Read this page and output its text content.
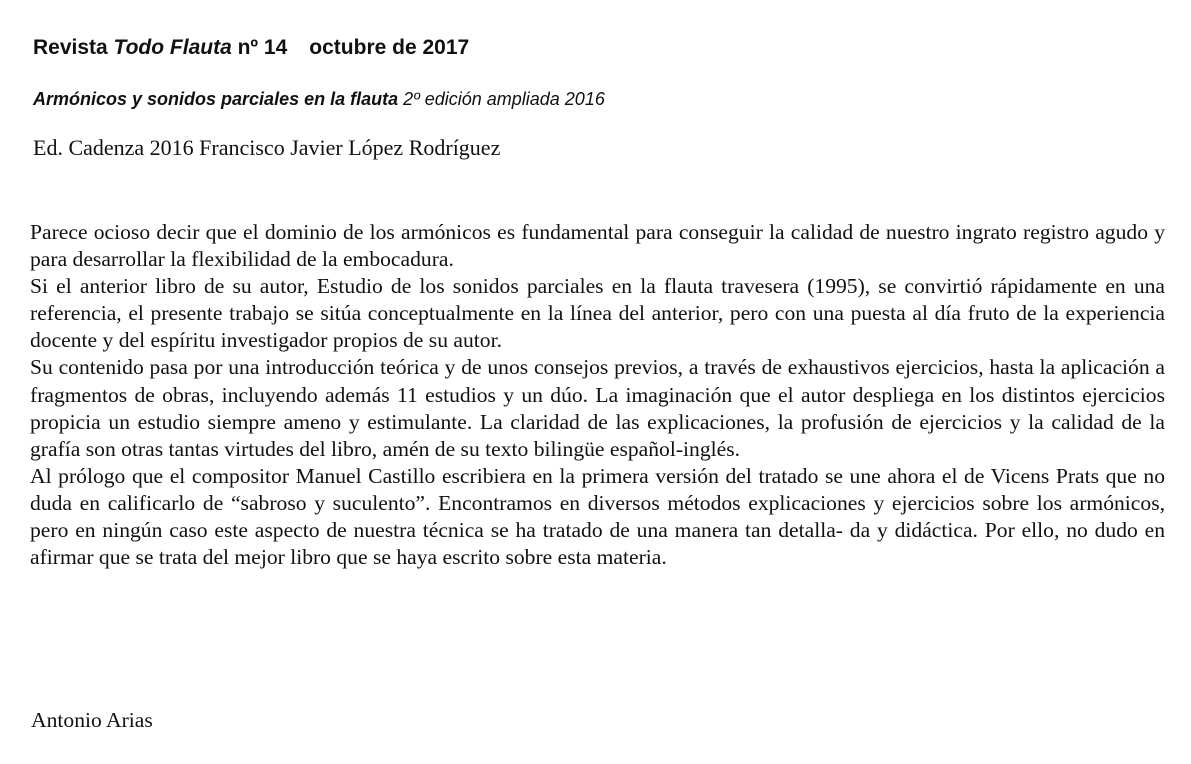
Revista Todo Flauta nº 14 octubre de 2017
Armónicos y sonidos parciales en la flauta 2º edición ampliada 2016
Ed. Cadenza 2016 Francisco Javier López Rodríguez

Parece ocioso decir que el dominio de los armónicos es fundamental para conseguir la calidad de nuestro ingrato registro agudo y para desarrollar la flexibilidad de la embocadura.

Si el anterior libro de su autor, Estudio de los sonidos parciales en la flauta travesera (1995), se convirtió rápidamente en una referencia, el presente trabajo se sitúa conceptualmente en la línea del anterior, pero con una puesta al día fruto de la experiencia docente y del espíritu investigador propios de su autor.

Su contenido pasa por una introducción teórica y de unos consejos previos, a través de exhaustivos ejercicios, hasta la aplicación a fragmentos de obras, incluyendo además 11 estudios y un dúo. La imaginación que el autor despliega en los distintos ejercicios propicia un estudio siempre ameno y estimulante. La claridad de las explicaciones, la profusión de ejercicios y la calidad de la grafía son otras tantas virtudes del libro, amén de su texto bilingüe español-inglés.

Al prólogo que el compositor Manuel Castillo escribiera en la primera versión del tratado se une ahora el de Vicens Prats que no duda en calificarlo de “sabroso y suculento”. Encontramos en diversos métodos explicaciones y ejercicios sobre los armónicos, pero en ningún caso este aspecto de nuestra técnica se ha tratado de una manera tan detalla- da y didáctica. Por ello, no dudo en afirmar que se trata del mejor libro que se haya escrito sobre esta materia.

Antonio Arias
